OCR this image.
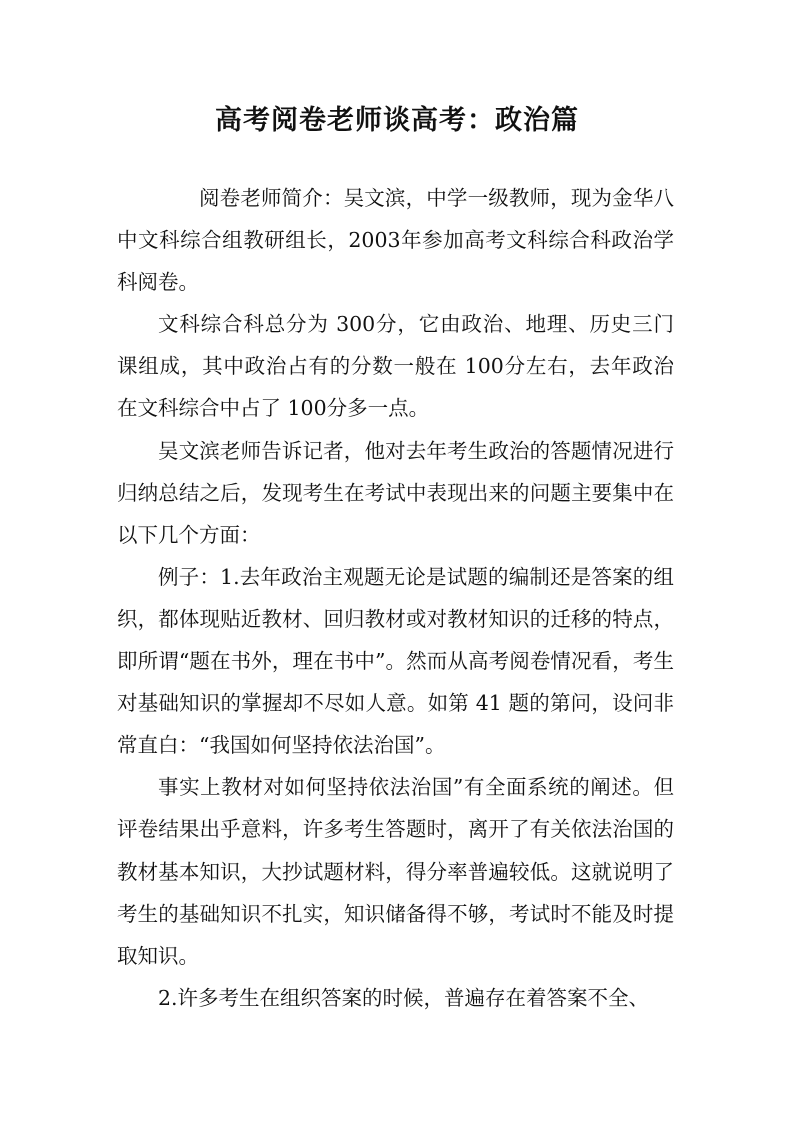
高考阅卷老师谈高考：政治篇

阅卷老师简介：吴文滨，中学一级教师，现为金华八中文科综合组教研组长，2003年参加高考文科综合科政治学科阅卷。

文科综合科总分为 300分，它由政治、地理、历史三门课组成，其中政治占有的分数一般在 100分左右，去年政治在文科综合中占了 100分多一点。

吴文滨老师告诉记者，他对去年考生政治的答题情况进行归纳总结之后，发现考生在考试中表现出来的问题主要集中在以下几个方面：

例子：1.去年政治主观题无论是试题的编制还是答案的组织，都体现贴近教材、回归教材或对教材知识的迁移的特点，即所谓“题在书外，理在书中”。然而从高考阅卷情况看，考生对基础知识的掌握却不尽如人意。如第 41 题的第问，设问非常直白：“我国如何坚持依法治国”。

事实上教材对如何坚持依法治国”有全面系统的阐述。但评卷结果出乎意料，许多考生答题时，离开了有关依法治国的教材基本知识，大抄试题材料，得分率普遍较低。这就说明了考生的基础知识不扎实，知识储备得不够，考试时不能及时提取知识。

2.许多考生在组织答案的时候，普遍存在着答案不全、
